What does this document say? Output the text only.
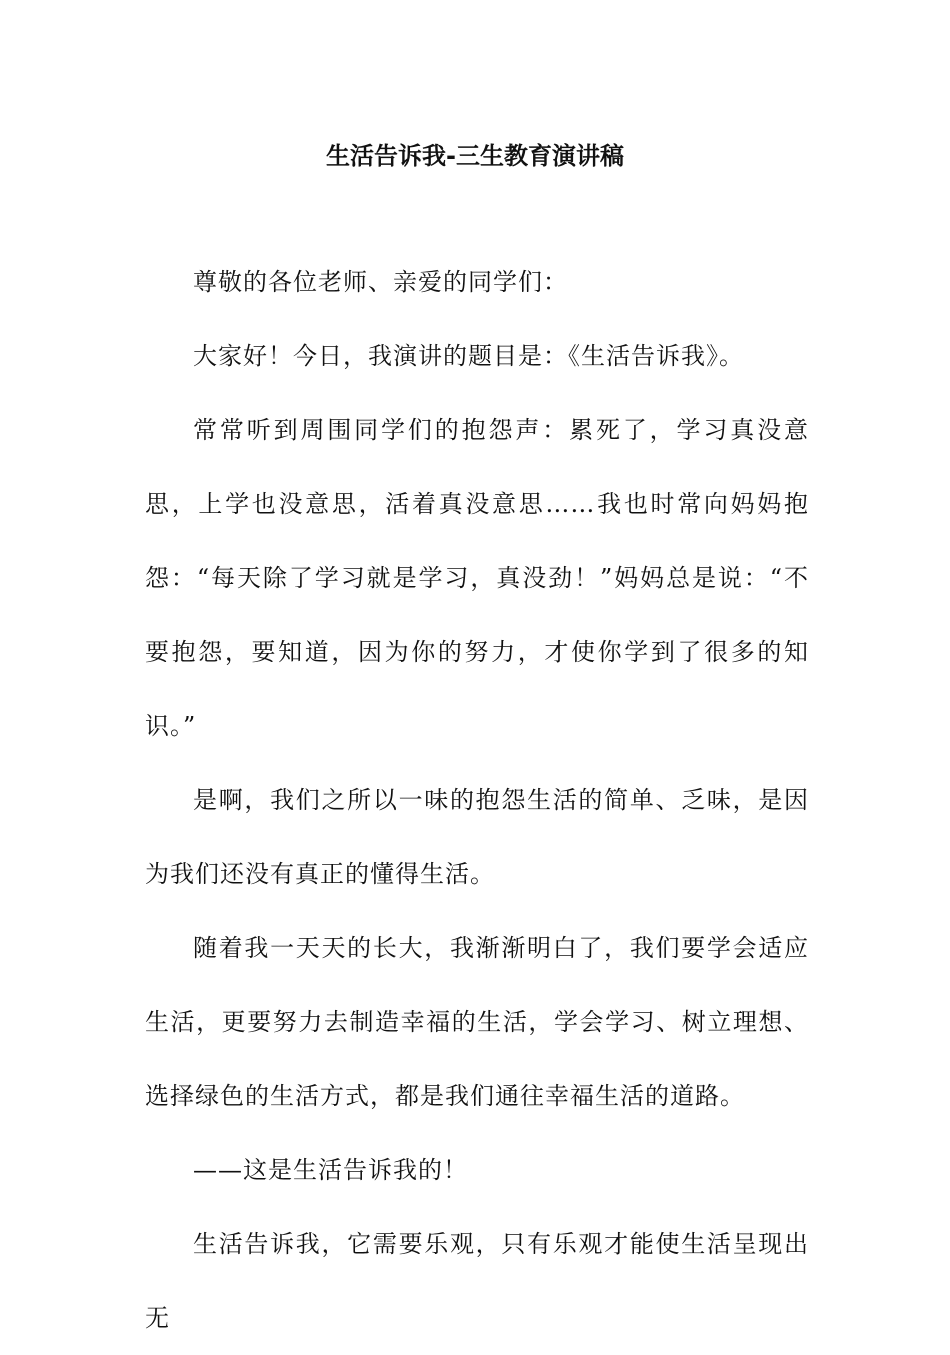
生活告诉我-三生教育演讲稿

尊敬的各位老师、亲爱的同学们：

大家好！今日，我演讲的题目是：《生活告诉我》。

常常听到周围同学们的抱怨声：累死了，学习真没意思，上学也没意思，活着真没意思……我也时常向妈妈抱怨：“每天除了学习就是学习，真没劲！”妈妈总是说：“不要抱怨，要知道，因为你的努力，才使你学到了很多的知识。”

是啊，我们之所以一味的抱怨生活的简单、乏味，是因为我们还没有真正的懂得生活。

随着我一天天的长大，我渐渐明白了，我们要学会适应生活，更要努力去制造幸福的生活，学会学习、树立理想、选择绿色的生活方式，都是我们通往幸福生活的道路。

——这是生活告诉我的！

生活告诉我，它需要乐观，只有乐观才能使生活呈现出无
